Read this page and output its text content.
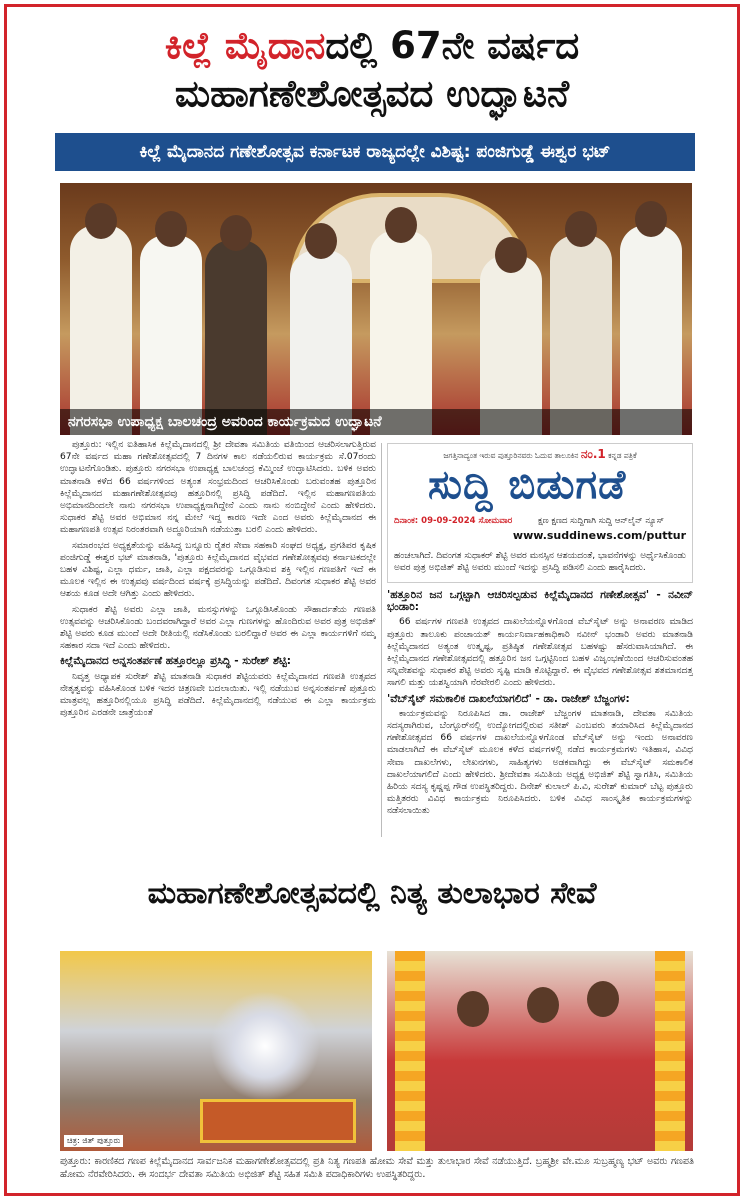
ಕಿಲ್ಲೆ ಮೈದಾನದಲ್ಲಿ 67ನೇ ವರ್ಷದ
ಮಹಾಗಣೇಶೋತ್ಸವದ ಉದ್ಘಾಟನೆ
ಕಿಲ್ಲೆ ಮೈದಾನದ ಗಣೇಶೋತ್ಸವ ಕರ್ನಾಟಕ ರಾಜ್ಯದಲ್ಲೇ ವಿಶಿಷ್ಟ: ಪಂಜಿಗುಡ್ಡೆ ಈಶ್ವರ ಭಟ್
ನಗರಸಭಾ ಉಪಾಧ್ಯಕ್ಷ ಬಾಲಚಂದ್ರ ಅವರಿಂದ ಕಾರ್ಯಕ್ರಮದ ಉದ್ಘಾಟನೆ

ಪುತ್ತೂರು: ಇಲ್ಲಿನ ಐತಿಹಾಸಿಕ ಕಿಲ್ಲೆಮೈದಾನದಲ್ಲಿ ಶ್ರೀ ದೇವತಾ ಸಮಿತಿಯ ವತಿಯಿಂದ ಆಚರಿಸಲಾಗುತ್ತಿರುವ 67ನೇ ವರ್ಷದ ಮಹಾ ಗಣೇಶೋತ್ಸವದಲ್ಲಿ 7 ದಿನಗಳ ಕಾಲ ನಡೆಯಲಿರುವ ಕಾರ್ಯಕ್ರಮ ಸೆ.07ರಂದು ಉದ್ಘಾಟನೆಗೊಂಡಿತು. ಪುತ್ತೂರು ನಗರಸಭಾ ಉಪಾಧ್ಯಕ್ಷ ಬಾಲಚಂದ್ರ ಕೆಮ್ಮಿಂಜೆ ಉದ್ಘಾಟಿಸಿದರು. ಬಳಿಕ ಅವರು ಮಾತನಾಡಿ ಕಳೆದ 66 ವರ್ಷಗಳಿಂದ ಅತ್ಯಂತ ಸಂಭ್ರಮದಿಂದ ಆಚರಿಸಿಕೊಂಡು ಬರುವಂತಹ ಪುತ್ತೂರಿನ ಕಿಲ್ಲೆಮೈದಾನದ ಮಹಾಗಣೇಶೋತ್ಸವವು ಹತ್ತೂರಿನಲ್ಲಿ ಪ್ರಸಿದ್ಧಿ ಪಡೆದಿದೆ. ಇಲ್ಲಿನ ಮಹಾಗಣಪತಿಯ ಅಭಿಮಾನದಿಂದಲೇ ನಾನು ನಗರಸಭಾ ಉಪಾಧ್ಯಕ್ಷನಾಗಿದ್ದೇನೆ ಎಂದು ನಾನು ನಂಬಿದ್ದೇನೆ ಎಂದು ಹೇಳಿದರು. ಸುಧಾಕರ ಶೆಟ್ಟಿ ಅವರ ಅಭಿಮಾನ ನನ್ನ ಮೇಲೆ ಇದ್ದ ಕಾರಣ ಇದೇ ಎಂದ ಅವರು ಕಿಲ್ಲೆಮೈದಾನದ ಈ ಮಹಾಗಣಪತಿ ಉತ್ಸವ ನಿರಂತರವಾಗಿ ಅದ್ಧೂರಿಯಾಗಿ ನಡೆಯುತ್ತಾ ಬರಲಿ ಎಂದು ಹೇಳಿದರು.

ಸಮಾರಂಭದ ಅಧ್ಯಕ್ಷತೆಯನ್ನು ವಹಿಸಿದ್ದ ಬನ್ನೂರು ರೈತರ ಸೇವಾ ಸಹಕಾರಿ ಸಂಘದ ಅಧ್ಯಕ್ಷ, ಪ್ರಗತಿಪರ ಕೃಷಿಕ ಪಂಜಿಗುಡ್ಡೆ ಈಶ್ವರ ಭಟ್ ಮಾತನಾಡಿ, 'ಪುತ್ತೂರು ಕಿಲ್ಲೆಮೈದಾನದ ವೈಭವದ ಗಣೇಶೋತ್ಸವವು ಕರ್ನಾಟಕದಲ್ಲೇ ಬಹಳ ವಿಶಿಷ್ಟ, ಎಲ್ಲಾ ಧರ್ಮ, ಜಾತಿ, ಎಲ್ಲಾ ಪಕ್ಷದವರನ್ನು ಒಗ್ಗೂಡಿಸುವ ಶಕ್ತಿ ಇಲ್ಲಿನ ಗಣಪತಿಗೆ ಇದೆ ಈ ಮೂಲಕ ಇಲ್ಲಿನ ಈ ಉತ್ಸವವು ವರ್ಷದಿಂದ ವರ್ಷಕ್ಕೆ ಪ್ರಸಿದ್ಧಿಯನ್ನು ಪಡೆದಿದೆ. ದಿವಂಗತ ಸುಧಾಕರ ಶೆಟ್ಟಿ ಅವರ ಆಶಯ ಕೂಡ ಅದೇ ಆಗಿತ್ತು ಎಂದು ಹೇಳಿದರು.

ಸುಧಾಕರ ಶೆಟ್ಟಿ ಅವರು ಎಲ್ಲಾ ಜಾತಿ, ಮನಸ್ಸುಗಳನ್ನು ಒಗ್ಗೂಡಿಸಿಕೊಂಡು ಸೌಹಾರ್ದತೆಯ ಗಣಪತಿ ಉತ್ಸವವನ್ನು ಆಚರಿಸಿಕೊಂಡು ಬಂದವರಾಗಿದ್ದಾರೆ ಅವರ ಎಲ್ಲಾ ಗುಣಗಳನ್ನು ಹೊಂದಿರುವ ಅವರ ಪುತ್ರ ಅಭಿಜಿತ್ ಶೆಟ್ಟಿ ಅವರು ಕೂಡ ಮುಂದೆ ಅದೇ ರೀತಿಯಲ್ಲಿ ನಡೆಸಿಕೊಂಡು ಬರಲಿದ್ದಾರೆ ಅವರ ಈ ಎಲ್ಲಾ ಕಾರ್ಯಗಳಿಗೆ ನಮ್ಮ ಸಹಕಾರ ಸದಾ ಇದೆ ಎಂದು ಹೇಳಿದರು.

ಕಿಲ್ಲೆಮೈದಾನದ ಅನ್ನಸಂತರ್ಪಣೆ ಹತ್ತೂರಲ್ಲೂ ಪ್ರಸಿದ್ಧಿ - ಸುರೇಶ್ ಶೆಟ್ಟಿ:

ನಿವೃತ್ತ ಅಧ್ಯಾಪಕ ಸುರೇಶ್ ಶೆಟ್ಟಿ ಮಾತನಾಡಿ ಸುಧಾಕರ ಶೆಟ್ಟಿಯವರು ಕಿಲ್ಲೆಮೈದಾನದ ಗಣಪತಿ ಉತ್ಸವದ ನೇತೃತ್ವವನ್ನು ವಹಿಸಿಕೊಂಡ ಬಳಿಕ ಇದರ ಚಿತ್ರಣವೇ ಬದಲಾಯಿತು. ಇಲ್ಲಿ ನಡೆಯುವ ಅನ್ನಸಂತರ್ಪಣೆ ಪುತ್ತೂರು ಮಾತ್ರವಲ್ಲ ಹತ್ತೂರಿನಲ್ಲಿಯೂ ಪ್ರಸಿದ್ಧಿ ಪಡೆದಿದೆ. ಕಿಲ್ಲೆಮೈದಾನದಲ್ಲಿ ನಡೆಯುವ ಈ ಎಲ್ಲಾ ಕಾರ್ಯಕ್ರಮ ಪುತ್ತೂರಿನ ಎರಡನೇ ಜಾತ್ರೆಯಂತೆ

ಜಗತ್ತಿನಾದ್ಯಂತ ಇರುವ ಪುತ್ತೂರಿನವರು ಓದುವ ತಾಲೂಕಿನ ನಂ.1 ಕನ್ನಡ ಪತ್ರಿಕೆ
ಸುದ್ದಿ ಬಿಡುಗಡೆ
ದಿನಾಂಕ: 09-09-2024 ಸೋಮವಾರ	ಕ್ಷಣ ಕ್ಷಣದ ಸುದ್ದಿಗಾಗಿ ಸುದ್ದಿ ಆನ್‌ಲೈನ್ ನ್ಯೂಸ್
www.suddinews.com/puttur
ಹಂಚಲಾಗಿದೆ. ದಿವಂಗತ ಸುಧಾಕರ್ ಶೆಟ್ಟಿ ಅವರ ಮನಸ್ಸಿನ ಆಶಯದಂತೆ, ಭಾವನೆಗಳನ್ನು ಅರ್ಥೈಸಿಕೊಂಡು ಅವರ ಪುತ್ರ ಅಭಿಜಿತ್ ಶೆಟ್ಟಿ ಅವರು ಮುಂದೆ ಇದನ್ನು ಪ್ರಸಿದ್ಧಿ ಪಡಿಸಲಿ ಎಂದು ಹಾರೈಸಿದರು.

'ಹತ್ತೂರಿನ ಜನ ಒಗ್ಗಟ್ಟಾಗಿ ಆಚರಿಸಲ್ಪಡುವ ಕಿಲ್ಲೆಮೈದಾನದ ಗಣೇಶೋತ್ಸವ' - ನವೀನ್ ಭಂಡಾರಿ:

66 ವರ್ಷಗಳ ಗಣಪತಿ ಉತ್ಸವದ ದಾಖಲೆಯನ್ನೊಳಗೊಂಡ ವೆಬ್‌ಸೈಟ್ ಅನ್ನು ಅನಾವರಣ ಮಾಡಿದ ಪುತ್ತೂರು ತಾಲೂಕು ಪಂಚಾಯತ್ ಕಾರ್ಯನಿರ್ವಾಹಕಾಧಿಕಾರಿ ನವೀನ್ ಭಂಡಾರಿ ಅವರು ಮಾತನಾಡಿ ಕಿಲ್ಲೆಮೈದಾನದ ಅತ್ಯಂತ ಉತ್ಕೃಷ್ಟ, ಪ್ರತಿಷ್ಠಿತ ಗಣೇಶೋತ್ಸವ ಬಹಳಷ್ಟು ಹೆಸರುವಾಸಿಯಾಗಿದೆ. ಈ ಕಿಲ್ಲೆಮೈದಾನದ ಗಣೇಶೋತ್ಸವದಲ್ಲಿ ಹತ್ತೂರಿನ ಜನ ಒಗ್ಗಟ್ಟಿನಿಂದ ಬಹಳ ವಿಜೃಂಭಣೆಯಿಂದ ಆಚರಿಸುವಂತಹ ಸನ್ನಿವೇಶವನ್ನು ಸುಧಾಕರ ಶೆಟ್ಟಿ ಅವರು ಸೃಷ್ಟಿ ಮಾಡಿ ಕೊಟ್ಟಿದ್ದಾರೆ. ಈ ವೈಭವದ ಗಣೇಶೋತ್ಸವ ಶತಮಾನದತ್ತ ಸಾಗಲಿ ಮತ್ತು ಯಶಸ್ವಿಯಾಗಿ ನೆರವೇರಲಿ ಎಂದು ಹೇಳಿದರು.

'ವೆಬ್‌ಸೈಟ್ ಸಮಕಾಲಿಕ ದಾಖಲೆಯಾಗಲಿದೆ' - ಡಾ. ರಾಜೇಶ್ ಬೆಜ್ಜಂಗಳ:

ಕಾರ್ಯಕ್ರಮವನ್ನು ನಿರೂಪಿಸಿದ ಡಾ. ರಾಜೇಶ್ ಬೆಜ್ಜಂಗಳ ಮಾತನಾಡಿ, ದೇವತಾ ಸಮಿತಿಯ ಸದಸ್ಯರಾಗಿರುವ, ಬೆಂಗ್ಳೂರ್‌ನಲ್ಲಿ ಉದ್ಯೋಗದಲ್ಲಿರುವ ಸತೀಶ್ ಎಂಬವರು ತಯಾರಿಸಿದ ಕಿಲ್ಲೆಮೈದಾನದ ಗಣೇಶೋತ್ಸವದ 66 ವರ್ಷಗಳ ದಾಖಲೆಯನ್ನೊಳಗೊಂಡ ವೆಬ್‌ಸೈಟ್ ಅನ್ನು ಇಂದು ಅನಾವರಣ ಮಾಡಲಾಗಿದೆ ಈ ವೆಬ್‌ಸೈಟ್ ಮೂಲಕ ಕಳೆದ ವರ್ಷಗಳಲ್ಲಿ ನಡೆದ ಕಾರ್ಯಕ್ರಮಗಳು ಇತಿಹಾಸ, ವಿವಿಧ ಸೇವಾ ದಾಖಲೆಗಳು, ಲೇಖನಗಳು, ಸಾಹಿತ್ಯಗಳು ಅಡಕವಾಗಿದ್ದು ಈ ವೆಬ್‌ಸೈಟ್ ಸಮಕಾಲಿಕ ದಾಖಲೆಯಾಗಲಿದೆ ಎಂದು ಹೇಳಿದರು. ಶ್ರೀದೇವತಾ ಸಮಿತಿಯ ಅಧ್ಯಕ್ಷ ಅಭಿಜಿತ್ ಶೆಟ್ಟಿ ಸ್ವಾಗತಿಸಿ, ಸಮಿತಿಯ ಹಿರಿಯ ಸದಸ್ಯ ಕೃಷ್ಣಪ್ಪ ಗೌಡ ಉಪಸ್ಥಿತರಿದ್ದರು. ದಿನೇಶ್ ಕುಲಾಲ್ ಪಿ.ವಿ, ಸುರೇಶ್ ಕುಮಾರ್ ಬೆಟ್ಟ ಪುತ್ತೂರು ಮತ್ತಿತರರು ವಿವಿಧ ಕಾರ್ಯಕ್ರಮ ನಿರೂಪಿಸಿದರು. ಬಳಿಕ ವಿವಿಧ ಸಾಂಸ್ಕೃತಿಕ ಕಾರ್ಯಕ್ರಮಗಳನ್ನು ನಡೆಸಲಾಯಿತು

ಮಹಾಗಣೇಶೋತ್ಸವದಲ್ಲಿ ನಿತ್ಯ ತುಲಾಭಾರ ಸೇವೆ
ಚಿತ್ರ: ಜಿತ್ ಪುತ್ತೂರು
ಪುತ್ತೂರು: ಕಾರಣಿಕದ ಗಣಪ ಕಿಲ್ಲೆಮೈದಾನದ ಸಾರ್ವಜನಿಕ ಮಹಾಗಣೇಶೋತ್ಸವದಲ್ಲಿ ಪ್ರತಿ ನಿತ್ಯ ಗಣಪತಿ ಹೋಮ ಸೇವೆ ಮತ್ತು ತುಲಾಭಾರ ಸೇವೆ ನಡೆಯುತ್ತಿದೆ. ಬ್ರಹ್ಮಶ್ರೀ ವೇ.ಮೂ ಸುಬ್ರಹ್ಮಣ್ಯ ಭಟ್ ಅವರು ಗಣಪತಿ ಹೋಮ ನೆರವೇರಿಸಿದರು. ಈ ಸಂದರ್ಭ ದೇವತಾ ಸಮಿತಿಯ ಅಭಿಜಿತ್ ಶೆಟ್ಟಿ ಸಹಿತ ಸಮಿತಿ ಪದಾಧಿಕಾರಿಗಳು ಉಪಸ್ಥಿತರಿದ್ದರು.
